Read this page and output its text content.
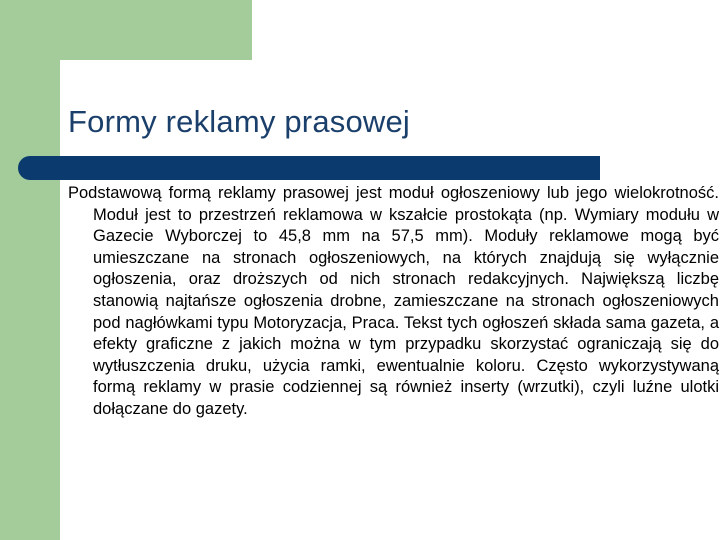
Formy reklamy prasowej

Podstawową formą reklamy prasowej jest moduł ogłoszeniowy lub jego wielokrotność. Moduł jest to przestrzeń reklamowa w kszałcie prostokąta (np. Wymiary modułu w Gazecie Wyborczej to 45,8 mm na 57,5 mm). Moduły reklamowe mogą być umieszczane na stronach ogłoszeniowych, na których znajdują się wyłącznie ogłoszenia, oraz droższych od nich stronach redakcyjnych. Największą liczbę stanowią najtańsze ogłoszenia drobne, zamieszczane na stronach ogłoszeniowych pod nagłówkami typu Motoryzacja, Praca. Tekst tych ogłoszeń składa sama gazeta, a efekty graficzne z jakich można w tym przypadku skorzystać ograniczają się do wytłuszczenia druku, użycia ramki, ewentualnie koloru. Często wykorzystywaną formą reklamy w prasie codziennej są również inserty (wrzutki), czyli luźne ulotki dołączane do gazety.
